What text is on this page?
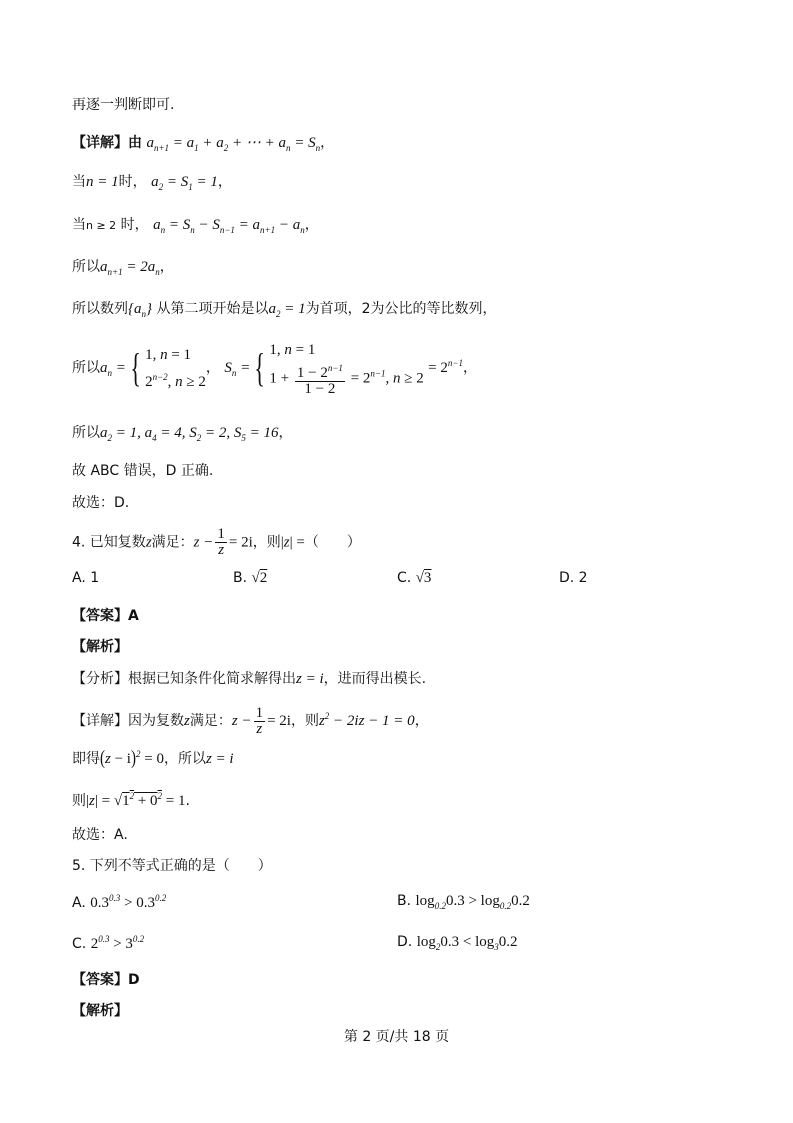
再逐一判断即可.
【详解】由 $a_{n+1} = a_1 + a_2$ + ⋯ + $a_n = S_n$，
当n = 1时， $a_2 = S_1 = 1$，
当n ≥ 2 时， $a_n = S_n - S_{n-1} = a_{n+1} - a_n$，
所以$a_{n+1} = 2a_n$，
所以数列$\{a_n\}$ 从第二项开始是以$a_2 = 1$为首项，2为公比的等比数列，
所以$a_n$ = { 1, n = 1
$2^{n-2}$, n ≥ 2
， $S_n$ = { 1, n = 1
$1 + \frac{1 - 2^{n-1}}{1 - 2} = 2^{n-1}$, n ≥ 2
= $2^{n-1}$，
所以$a_2 = 1$, $a_4 = 4$, $S_2 = 2$, $S_5 = 16$，
故 ABC 错误，D 正确.
故选：D.
4. 已知复数z满足：$z - \frac{1}{z} = 2i$，则|z| =（　　）
A. 1	B. √2	C. √3	D. 2
【答案】A
【解析】
【分析】根据已知条件化简求解得出z = i，进而得出模长.
【详解】因为复数z满足：$z - \frac{1}{z} = 2i$，则$z^2 - 2iz - 1 = 0$，
即得$(z - i)^2 = 0$，所以z = i
则$|z| = √1^2 + 0^2 = 1$.
故选：A.
5. 下列不等式正确的是（　　）
A. $0.3^{0.3} > 0.3^{0.2}$	B. $\log_{0.2}0.3 > \log_{0.2}0.2$
C. $2^{0.3} > 3^{0.2}$	D. $\log_20.3 < \log_30.2$
【答案】D
【解析】
第 2 页/共 18 页
